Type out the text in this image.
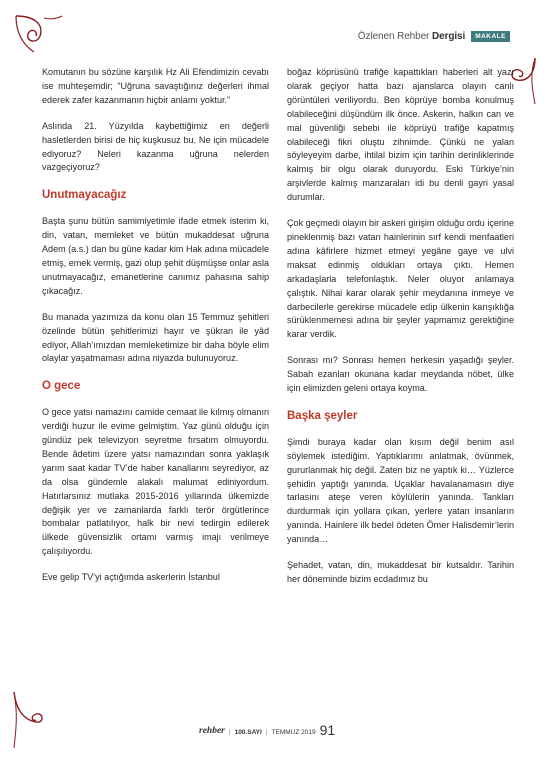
Özlenen Rehber Dergisi	MAKALE

Komutanın bu sözüne karşılık Hz Ali Efendimizin cevabı ise muhteşemdir; “Uğruna savaştığınız değerleri ihmal ederek zafer kazanmanın hiçbir anlamı yoktur.”

Aslında 21. Yüzyılda kaybettiğimiz en değerli hasletlerden birisi de hiç kuşkusuz bu. Ne için mücadele ediyoruz? Neleri kazanma uğruna nelerden vazgeçiyoruz?

Unutmayacağız

Başta şunu bütün samimiyetimle ifade etmek isterim ki, din, vatan, memleket ve bütün mukaddesat uğruna Adem (a.s.) dan bu güne kadar kim Hak adına mücadele etmiş, emek vermiş, gazi olup şehit düşmüşse onlar asla unutmayacağız, emanetlerine canımız pahasına sahip çıkacağız.

Bu manada yazımıza da konu olan 15 Temmuz şehitleri özelinde bütün şehitlerimizi hayır ve şükran ile yâd ediyor, Allah’ımızdan memleketimize bir daha böyle elim olaylar yaşatmaması adına niyazda bulunuyoruz.

O gece

O gece yatsı namazını camide cemaat ile kılmış olmanın verdiği huzur ile evime gelmiştim. Yaz günü olduğu için gündüz pek televizyon seyretme fırsatım olmuyordu. Bende âdetim üzere yatsı namazından sonra yaklaşık yarım saat kadar TV’de haber kanallarını seyrediyor, az da olsa gündemle alakalı malumat ediniyordum. Hatırlarsınız mutlaka 2015-2016 yıllarında ülkemizde değişik yer ve zamanlarda farklı terör örgütlerince bombalar patlatılıyor, halk bir nevi tedirgin edilerek ülkede güvensizlik ortamı varmış imajı verilmeye çalışılıyordu.

Eve gelip TV’yi açtığımda askerlerin İstanbul

boğaz köprüsünü trafiğe kapattıkları haberleri alt yazı olarak geçiyor hatta bazı ajanslarca olayın canlı görüntüleri veriliyordu. Ben köprüye bomba konulmuş olabileceğini düşündüm ilk önce. Askerin, halkın can ve mal güvenliği sebebi ile köprüyü trafiğe kapatmış olabileceği fikri oluştu zihnimde. Çünkü ne yalan söyleyeyim darbe, ihtilal bizim için tarihin derinliklerinde kalmış bir olgu olarak duruyordu. Eski Türkiye’nin arşivlerde kalmış manzaraları idi bu denli gayri yasal durumlar.

Çok geçmedi olayın bir askeri girişim olduğu ordu içerine pineklenmiş bazı vatan hainlerinin sırf kendi menfaatleri adına kâfirlere hizmet etmeyi yegâne gaye ve ulvi maksat edinmiş oldukları ortaya çıktı. Hemen arkadaşlarla telefonlaştık. Neler oluyor anlamaya çalıştık. Nihai karar olarak şehir meydanına inmeye ve darbecilerle gerekirse mücadele edip ülkenin karışıklığa sürüklenmemesi adına bir şeyler yapmamız gerektiğine karar verdik.

Sonrası mı? Sonrası hemen herkesin yaşadığı şeyler. Sabah ezanları okunana kadar meydanda nöbet, ülke için elimizden geleni ortaya koyma.

Başka şeyler

Şimdi buraya kadar olan kısım değil benim asıl söylemek istediğim. Yaptıklarımı anlatmak, övünmek, gururlanmak hiç değil. Zaten biz ne yaptık ki… Yüzlerce şehidin yaptığı yanında. Uçaklar havalanamasın diye tarlasını ateşe veren köylülerin yanında. Tankları durdurmak için yollara çıkan, yerlere yatan insanların yanında. Hainlere ilk bedel ödeten Ömer Halisdemir’lerin yanında…

Şehadet, vatan, din, mukaddesat bir kutsaldır. Tarihin her döneminde bizim ecdadımız bu

rehber | 100.SAYI | TEMMUZ 2019 91
